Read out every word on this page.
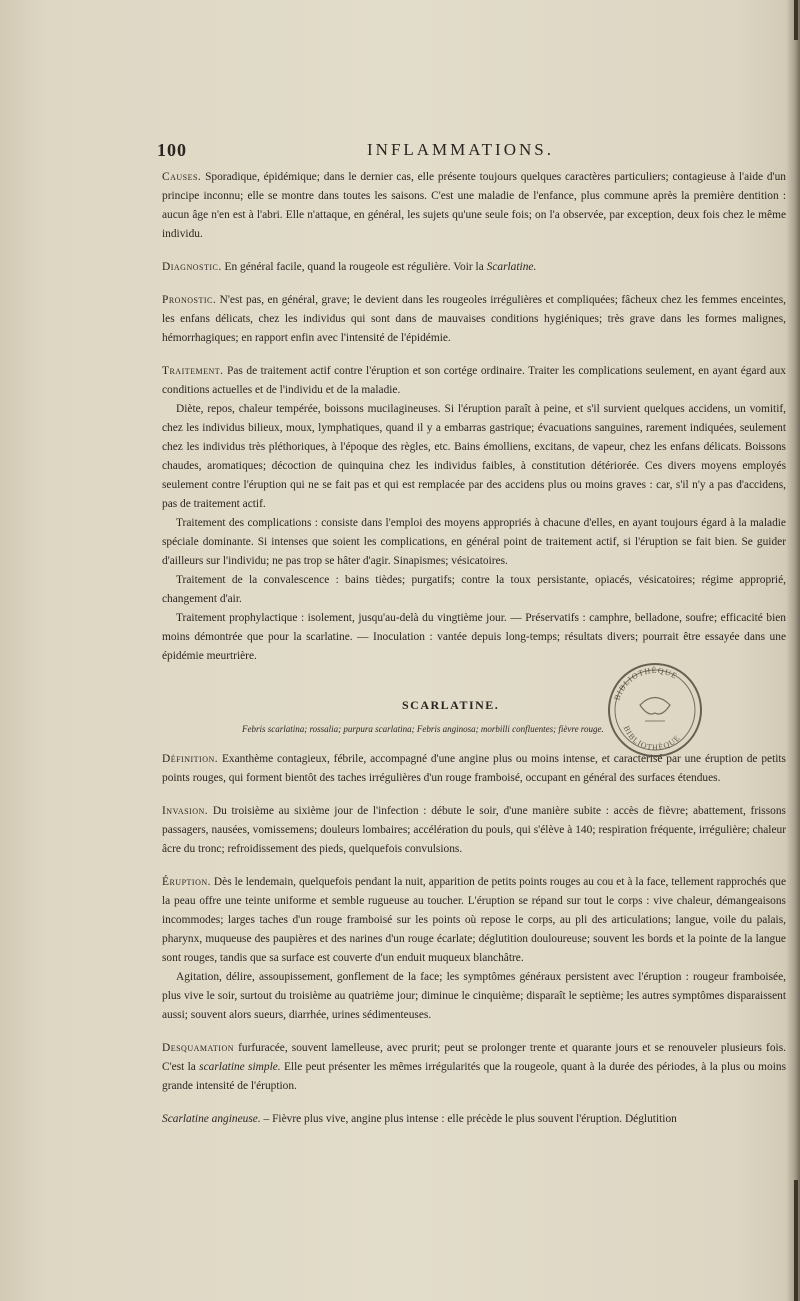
100	INFLAMMATIONS.

Causes. Sporadique, épidémique; dans le dernier cas, elle présente toujours quelques caractères particuliers; contagieuse à l'aide d'un principe inconnu; elle se montre dans toutes les saisons. C'est une maladie de l'enfance, plus commune après la première dentition : aucun âge n'en est à l'abri. Elle n'attaque, en général, les sujets qu'une seule fois; on l'a observée, par exception, deux fois chez le même individu.

Diagnostic. En général facile, quand la rougeole est régulière. Voir la Scarlatine.

Pronostic. N'est pas, en général, grave; le devient dans les rougeoles irrégulières et compliquées; fâcheux chez les femmes enceintes, les enfans délicats, chez les individus qui sont dans de mauvaises conditions hygiéniques; très grave dans les formes malignes, hémorrhagiques; en rapport enfin avec l'intensité de l'épidémie.

Traitement. Pas de traitement actif contre l'éruption et son cortége ordinaire. Traiter les complications seulement, en ayant égard aux conditions actuelles et de l'individu et de la maladie.

Diète, repos, chaleur tempérée, boissons mucilagineuses. Si l'éruption paraît à peine, et s'il survient quelques accidens, un vomitif, chez les individus bilieux, moux, lymphatiques, quand il y a embarras gastrique; évacuations sanguines, rarement indiquées, seulement chez les individus très pléthoriques, à l'époque des règles, etc. Bains émolliens, excitans, de vapeur, chez les enfans délicats. Boissons chaudes, aromatiques; décoction de quinquina chez les individus faibles, à constitution détériorée. Ces divers moyens employés seulement contre l'éruption qui ne se fait pas et qui est remplacée par des accidens plus ou moins graves : car, s'il n'y a pas d'accidens, pas de traitement actif.

Traitement des complications : consiste dans l'emploi des moyens appropriés à chacune d'elles, en ayant toujours égard à la maladie spéciale dominante. Si intenses que soient les complications, en général point de traitement actif, si l'éruption se fait bien. Se guider d'ailleurs sur l'individu; ne pas trop se hâter d'agir. Sinapismes; vésicatoires.

Traitement de la convalescence : bains tièdes; purgatifs; contre la toux persistante, opiacés, vésicatoires; régime approprié, changement d'air.

Traitement prophylactique : isolement, jusqu'au-delà du vingtième jour. — Préservatifs : camphre, belladone, soufre; efficacité bien moins démontrée que pour la scarlatine. — Inoculation : vantée depuis long-temps; résultats divers; pourrait être essayée dans une épidémie meurtrière.

SCARLATINE.

Febris scarlatina; rossalia; purpura scarlatina; Febris anginosa; morbilli confluentes; fièvre rouge.

Définition. Exanthème contagieux, fébrile, accompagné d'une angine plus ou moins intense, et caractérisé par une éruption de petits points rouges, qui forment bientôt des taches irrégulières d'un rouge framboisé, occupant en général des surfaces étendues.

Invasion. Du troisième au sixième jour de l'infection : débute le soir, d'une manière subite : accès de fièvre; abattement, frissons passagers, nausées, vomissemens; douleurs lombaires; accélération du pouls, qui s'élève à 140; respiration fréquente, irrégulière; chaleur âcre du tronc; refroidissement des pieds, quelquefois convulsions.

Éruption. Dès le lendemain, quelquefois pendant la nuit, apparition de petits points rouges au cou et à la face, tellement rapprochés que la peau offre une teinte uniforme et semble rugueuse au toucher. L'éruption se répand sur tout le corps : vive chaleur, démangeaisons incommodes; larges taches d'un rouge framboisé sur les points où repose le corps, au pli des articulations; langue, voile du palais, pharynx, muqueuse des paupières et des narines d'un rouge écarlate; déglutition douloureuse; souvent les bords et la pointe de la langue sont rouges, tandis que sa surface est couverte d'un enduit muqueux blanchâtre.

Agitation, délire, assoupissement, gonflement de la face; les symptômes généraux persistent avec l'éruption : rougeur framboisée, plus vive le soir, surtout du troisième au quatrième jour; diminue le cinquième; disparaît le septième; les autres symptômes disparaissent aussi; souvent alors sueurs, diarrhée, urines sédimenteuses.

Desquamation furfuracée, souvent lamelleuse, avec prurit; peut se prolonger trente et quarante jours et se renouveler plusieurs fois. C'est la scarlatine simple. Elle peut présenter les mêmes irrégularités que la rougeole, quant à la durée des périodes, à la plus ou moins grande intensité de l'éruption.

Scarlatine angineuse. – Fièvre plus vive, angine plus intense : elle précède le plus souvent l'éruption. Déglutition

BIBLIOTHÈQUE
BIBLIOTHÈQUE
